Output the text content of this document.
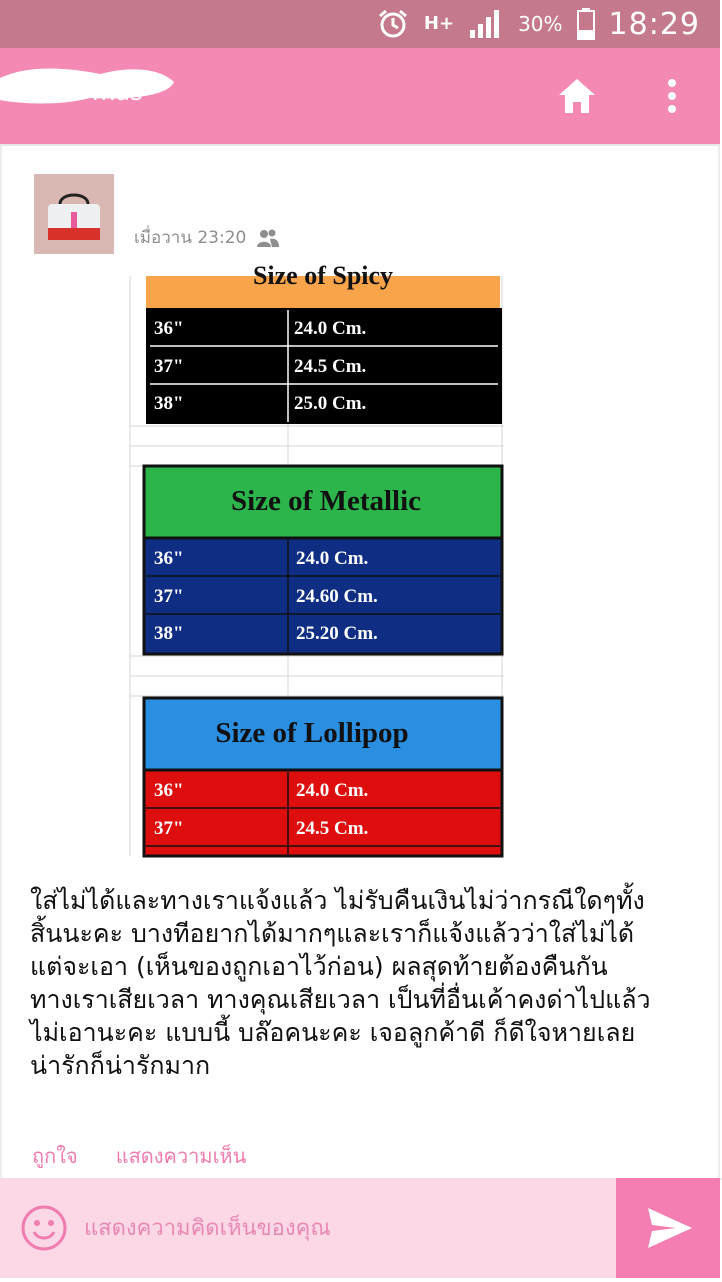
H+	30% 18:29
เมื่อวาน 23:20
Size of Spicy
36"	24.0 Cm.
37"	24.5 Cm.
38"	25.0 Cm.
Size of Metallic
36"	24.0 Cm.
37"	24.60 Cm.
38"	25.20 Cm.
Size of Lollipop
36"	24.0 Cm.
37"	24.5 Cm.
ใส่ไม่ได้และทางเราแจ้งแล้ว ไม่รับคืนเงินไม่ว่ากรณีใดๆทั้ง
สิ้นนะคะ บางทีอยากได้มากๆและเราก็แจ้งแล้วว่าใส่ไม่ได้
แต่จะเอา (เห็นของถูกเอาไว้ก่อน) ผลสุดท้ายต้องคืนกัน
ทางเราเสียเวลา ทางคุณเสียเวลา เป็นที่อื่นเค้าคงด่าไปแล้ว
ไม่เอานะคะ แบบนี้ บล๊อคนะคะ เจอลูกค้าดี ก็ดีใจหายเลย
น่ารักก็น่ารักมาก
ถูกใจ แสดงความเห็น
แสดงความคิดเห็นของคุณ
